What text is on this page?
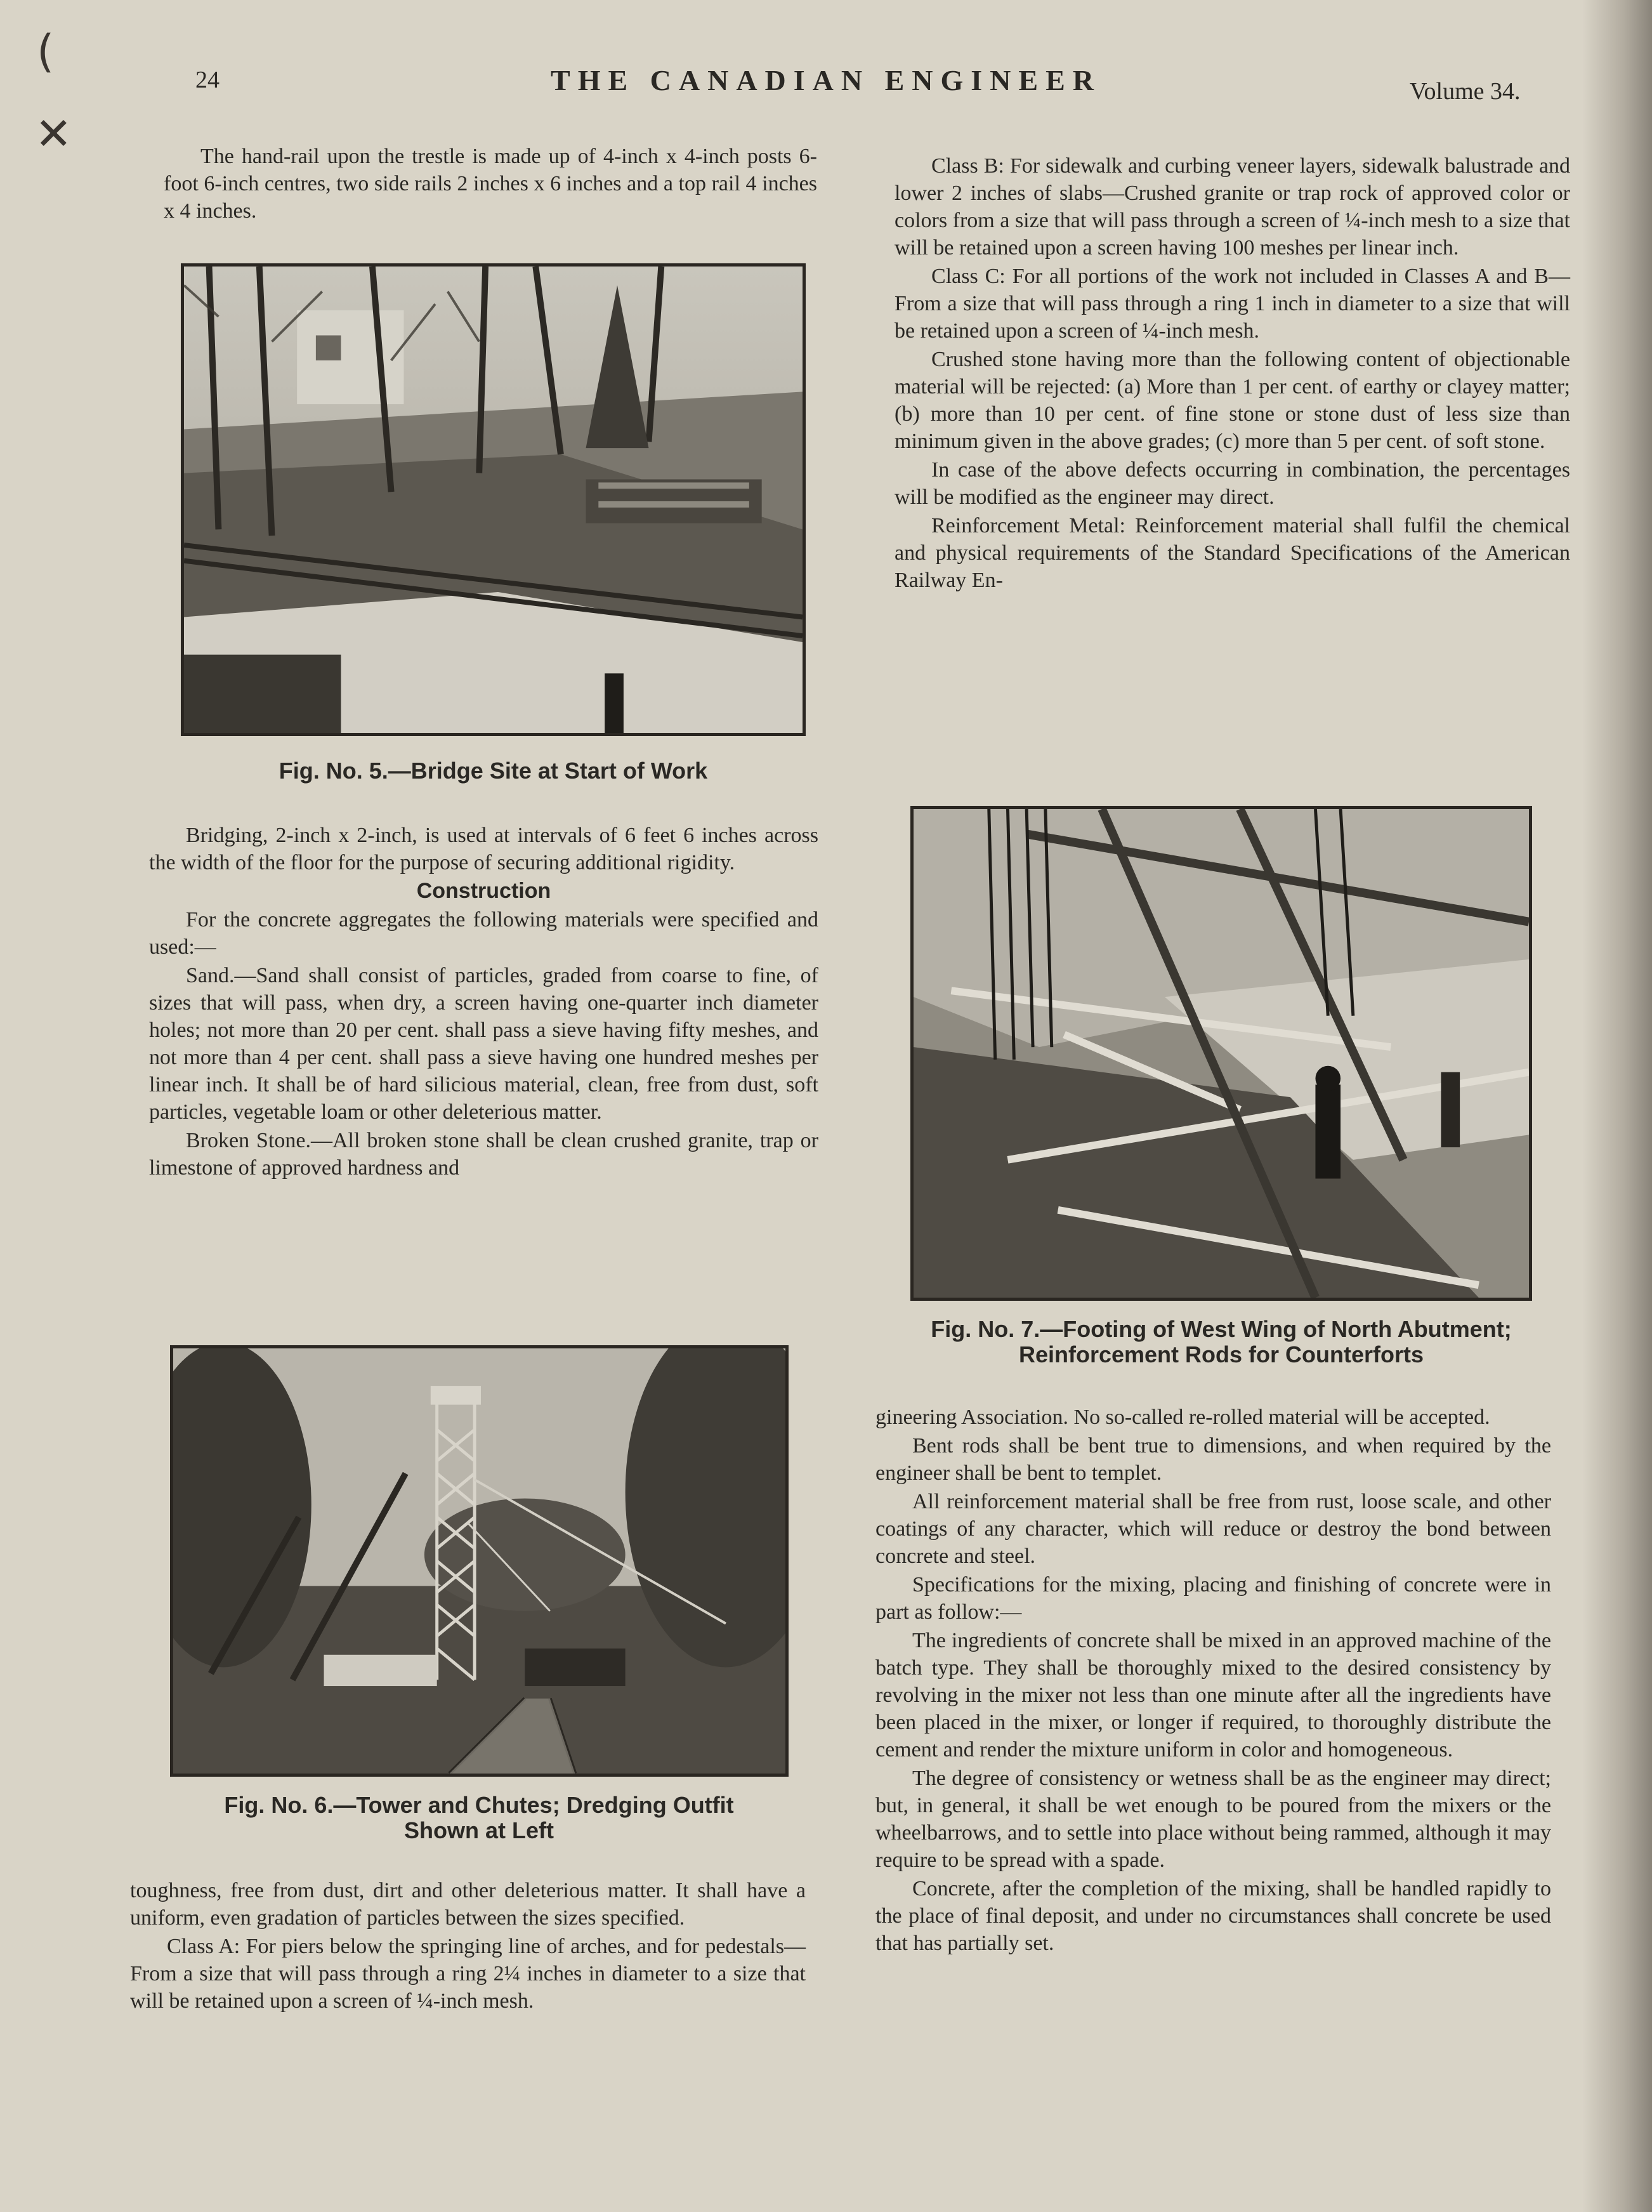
(
✕
24	THE CANADIAN ENGINEER	Volume 34.

The hand-rail upon the trestle is made up of 4-inch x 4-inch posts 6-foot 6-inch centres, two side rails 2 inches x 6 inches and a top rail 4 inches x 4 inches.

Fig. No. 5.—Bridge Site at Start of Work

Bridging, 2-inch x 2-inch, is used at intervals of 6 feet 6 inches across the width of the floor for the purpose of securing additional rigidity.

Construction

For the concrete aggregates the following materials were specified and used:—

Sand.—Sand shall consist of particles, graded from coarse to fine, of sizes that will pass, when dry, a screen having one-quarter inch diameter holes; not more than 20 per cent. shall pass a sieve having fifty meshes, and not more than 4 per cent. shall pass a sieve having one hundred meshes per linear inch. It shall be of hard silicious material, clean, free from dust, soft particles, vegetable loam or other deleterious matter.

Broken Stone.—All broken stone shall be clean crushed granite, trap or limestone of approved hardness and

Fig. No. 6.—Tower and Chutes; Dredging Outfit
Shown at Left

toughness, free from dust, dirt and other deleterious matter. It shall have a uniform, even gradation of particles between the sizes specified.

Class A: For piers below the springing line of arches, and for pedestals—From a size that will pass through a ring 2¼ inches in diameter to a size that will be retained upon a screen of ¼-inch mesh.

Class B: For sidewalk and curbing veneer layers, sidewalk balustrade and lower 2 inches of slabs—Crushed granite or trap rock of approved color or colors from a size that will pass through a screen of ¼-inch mesh to a size that will be retained upon a screen having 100 meshes per linear inch.

Class C: For all portions of the work not included in Classes A and B—From a size that will pass through a ring 1 inch in diameter to a size that will be retained upon a screen of ¼-inch mesh.

Crushed stone having more than the following content of objectionable material will be rejected: (a) More than 1 per cent. of earthy or clayey matter; (b) more than 10 per cent. of fine stone or stone dust of less size than minimum given in the above grades; (c) more than 5 per cent. of soft stone.

In case of the above defects occurring in combination, the percentages will be modified as the engineer may direct.

Reinforcement Metal: Reinforcement material shall fulfil the chemical and physical requirements of the Standard Specifications of the American Railway En-

Fig. No. 7.—Footing of West Wing of North Abutment;
Reinforcement Rods for Counterforts

gineering Association. No so-called re-rolled material will be accepted.

Bent rods shall be bent true to dimensions, and when required by the engineer shall be bent to templet.

All reinforcement material shall be free from rust, loose scale, and other coatings of any character, which will reduce or destroy the bond between concrete and steel.

Specifications for the mixing, placing and finishing of concrete were in part as follow:—

The ingredients of concrete shall be mixed in an approved machine of the batch type. They shall be thoroughly mixed to the desired consistency by revolving in the mixer not less than one minute after all the ingredients have been placed in the mixer, or longer if required, to thoroughly distribute the cement and render the mixture uniform in color and homogeneous.

The degree of consistency or wetness shall be as the engineer may direct; but, in general, it shall be wet enough to be poured from the mixers or the wheelbarrows, and to settle into place without being rammed, although it may require to be spread with a spade.

Concrete, after the completion of the mixing, shall be handled rapidly to the place of final deposit, and under no circumstances shall concrete be used that has partially set.
